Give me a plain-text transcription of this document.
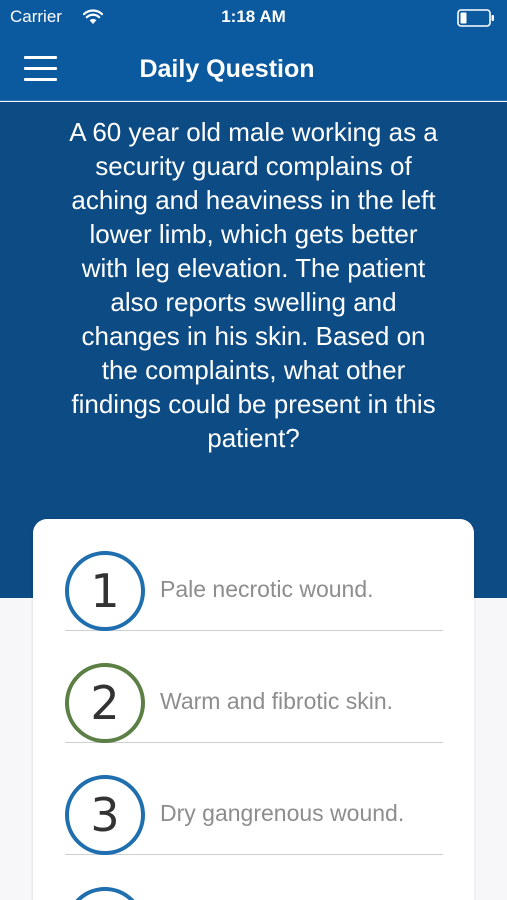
Carrier	1:18 AM
Daily Question
A 60 year old male working as a security guard complains of aching and heaviness in the left lower limb, which gets better with leg elevation. The patient also reports swelling and changes in his skin. Based on the complaints, what other findings could be present in this patient?
1	Pale necrotic wound.
2	Warm and fibrotic skin.
3	Dry gangrenous wound.
